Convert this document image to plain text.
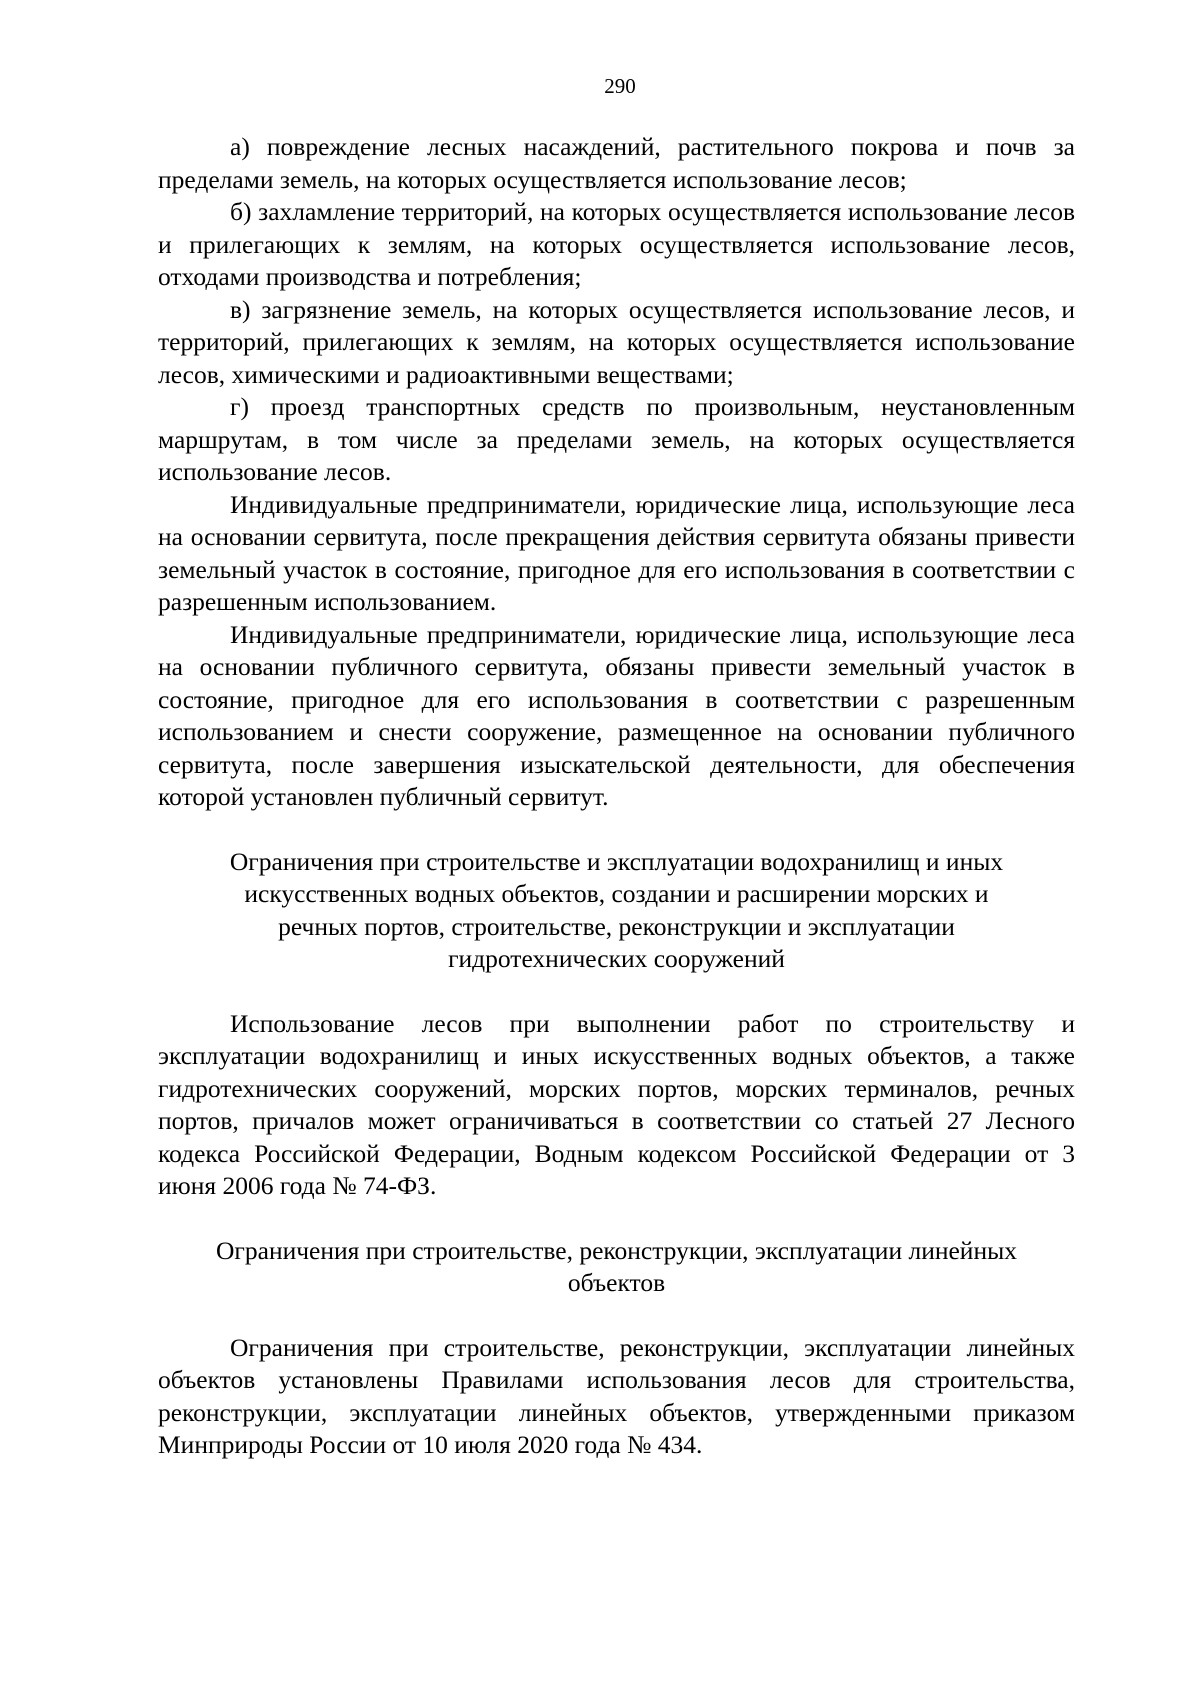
290

а) повреждение лесных насаждений, растительного покрова и почв за пределами земель, на которых осуществляется использование лесов;

б) захламление территорий, на которых осуществляется использование лесов и прилегающих к землям, на которых осуществляется использование лесов, отходами производства и потребления;

в) загрязнение земель, на которых осуществляется использование лесов, и территорий, прилегающих к землям, на которых осуществляется использование лесов, химическими и радиоактивными веществами;

г) проезд транспортных средств по произвольным, неустановленным маршрутам, в том числе за пределами земель, на которых осуществляется использование лесов.

Индивидуальные предприниматели, юридические лица, использующие леса на основании сервитута, после прекращения действия сервитута обязаны привести земельный участок в состояние, пригодное для его использования в соответствии с разрешенным использованием.

Индивидуальные предприниматели, юридические лица, использующие леса на основании публичного сервитута, обязаны привести земельный участок в состояние, пригодное для его использования в соответствии с разрешенным использованием и снести сооружение, размещенное на основании публичного сервитута, после завершения изыскательской деятельности, для обеспечения которой установлен публичный сервитут.

Ограничения при строительстве и эксплуатации водохранилищ и иных
искусственных водных объектов, создании и расширении морских и
речных портов, строительстве, реконструкции и эксплуатации
гидротехнических сооружений

Использование лесов при выполнении работ по строительству и эксплуатации водохранилищ и иных искусственных водных объектов, а также гидротехнических сооружений, морских портов, морских терминалов, речных портов, причалов может ограничиваться в соответствии со статьей 27 Лесного кодекса Российской Федерации, Водным кодексом Российской Федерации от 3 июня 2006 года № 74-ФЗ.

Ограничения при строительстве, реконструкции, эксплуатации линейных
объектов

Ограничения при строительстве, реконструкции, эксплуатации линейных объектов установлены Правилами использования лесов для строительства, реконструкции, эксплуатации линейных объектов, утвержденными приказом Минприроды России от 10 июля 2020 года № 434.
